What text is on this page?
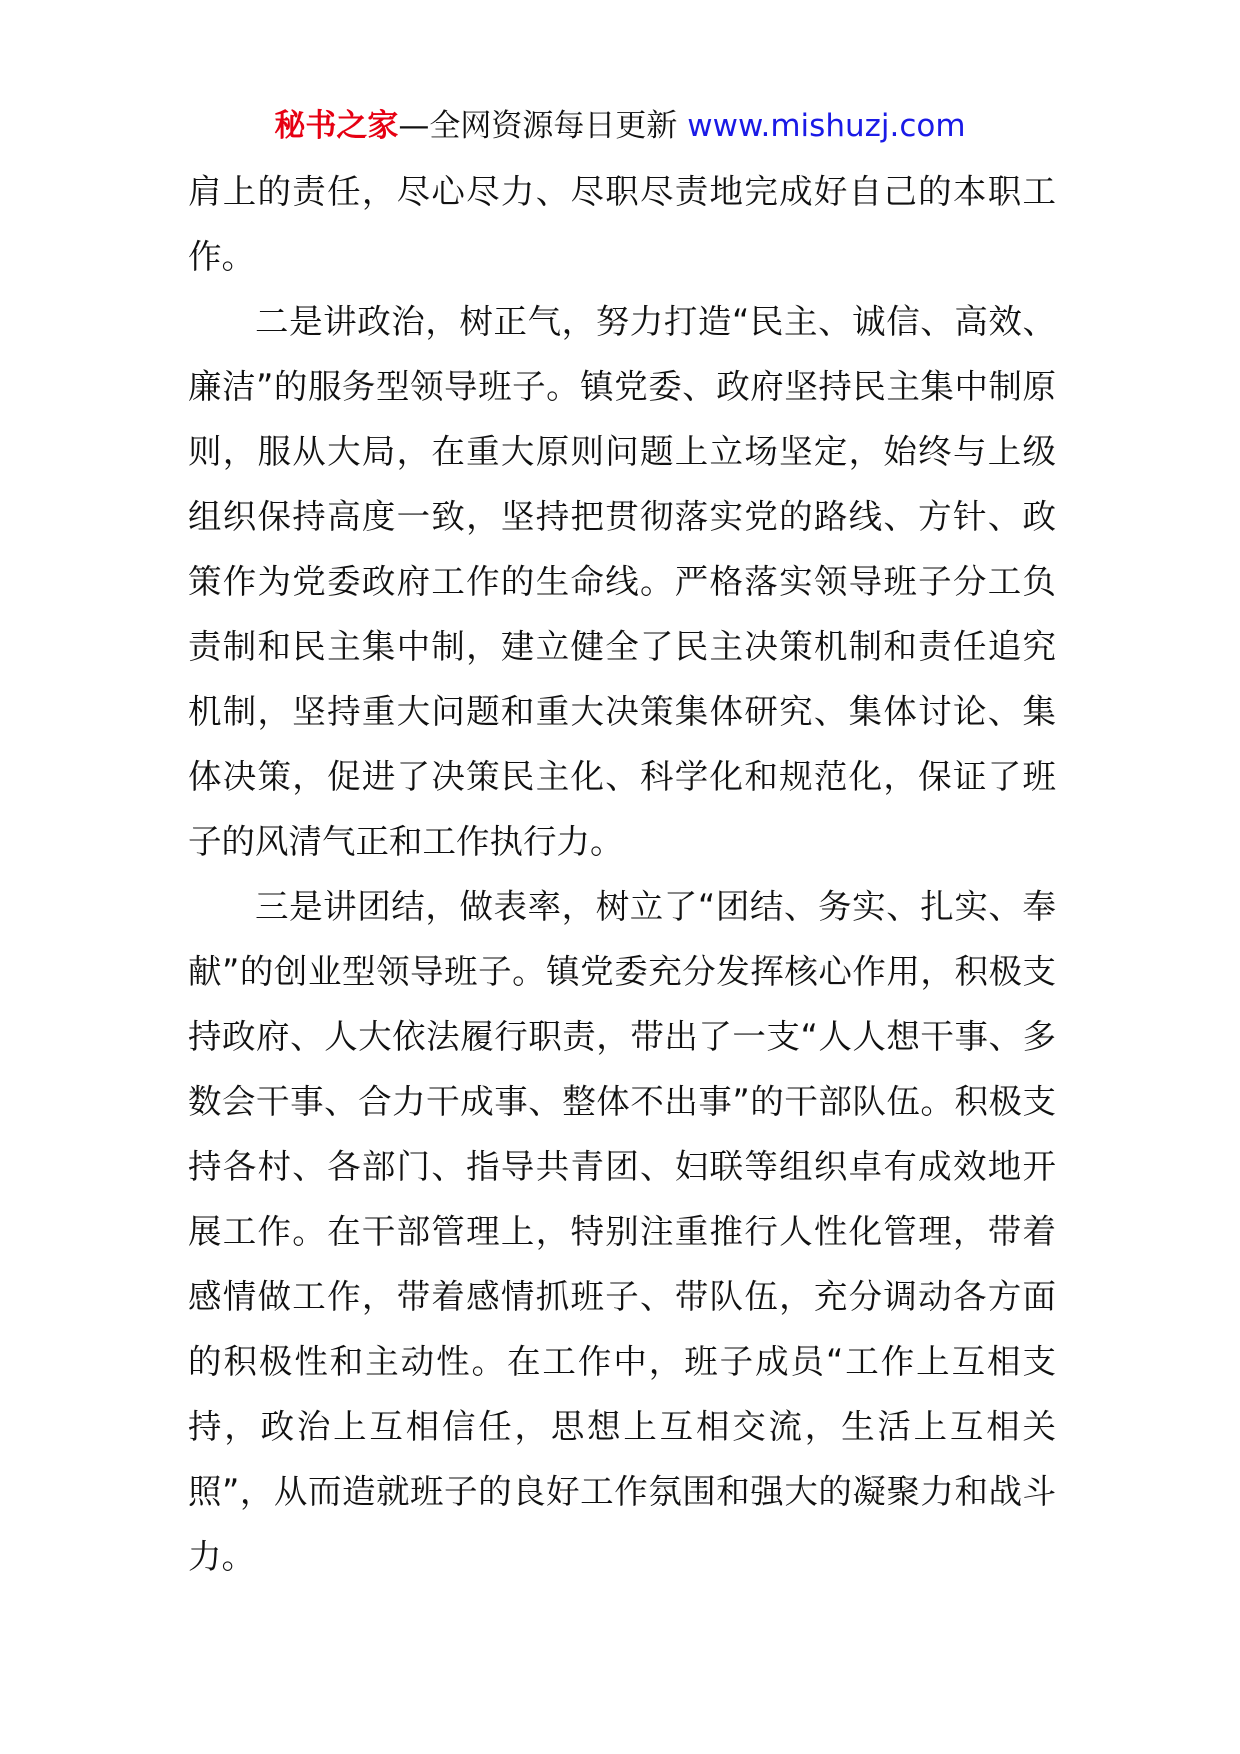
秘书之家—全网资源每日更新 www.mishuzj.com

肩上的责任，尽心尽力、尽职尽责地完成好自己的本职工作。

二是讲政治，树正气，努力打造“民主、诚信、高效、廉洁”的服务型领导班子。镇党委、政府坚持民主集中制原则，服从大局，在重大原则问题上立场坚定，始终与上级组织保持高度一致，坚持把贯彻落实党的路线、方针、政策作为党委政府工作的生命线。严格落实领导班子分工负责制和民主集中制，建立健全了民主决策机制和责任追究机制，坚持重大问题和重大决策集体研究、集体讨论、集体决策，促进了决策民主化、科学化和规范化，保证了班子的风清气正和工作执行力。

三是讲团结，做表率，树立了“团结、务实、扎实、奉献”的创业型领导班子。镇党委充分发挥核心作用，积极支持政府、人大依法履行职责，带出了一支“人人想干事、多数会干事、合力干成事、整体不出事”的干部队伍。积极支持各村、各部门、指导共青团、妇联等组织卓有成效地开展工作。在干部管理上，特别注重推行人性化管理，带着感情做工作，带着感情抓班子、带队伍，充分调动各方面的积极性和主动性。在工作中，班子成员“工作上互相支持，政治上互相信任，思想上互相交流，生活上互相关照”，从而造就班子的良好工作氛围和强大的凝聚力和战斗力。
